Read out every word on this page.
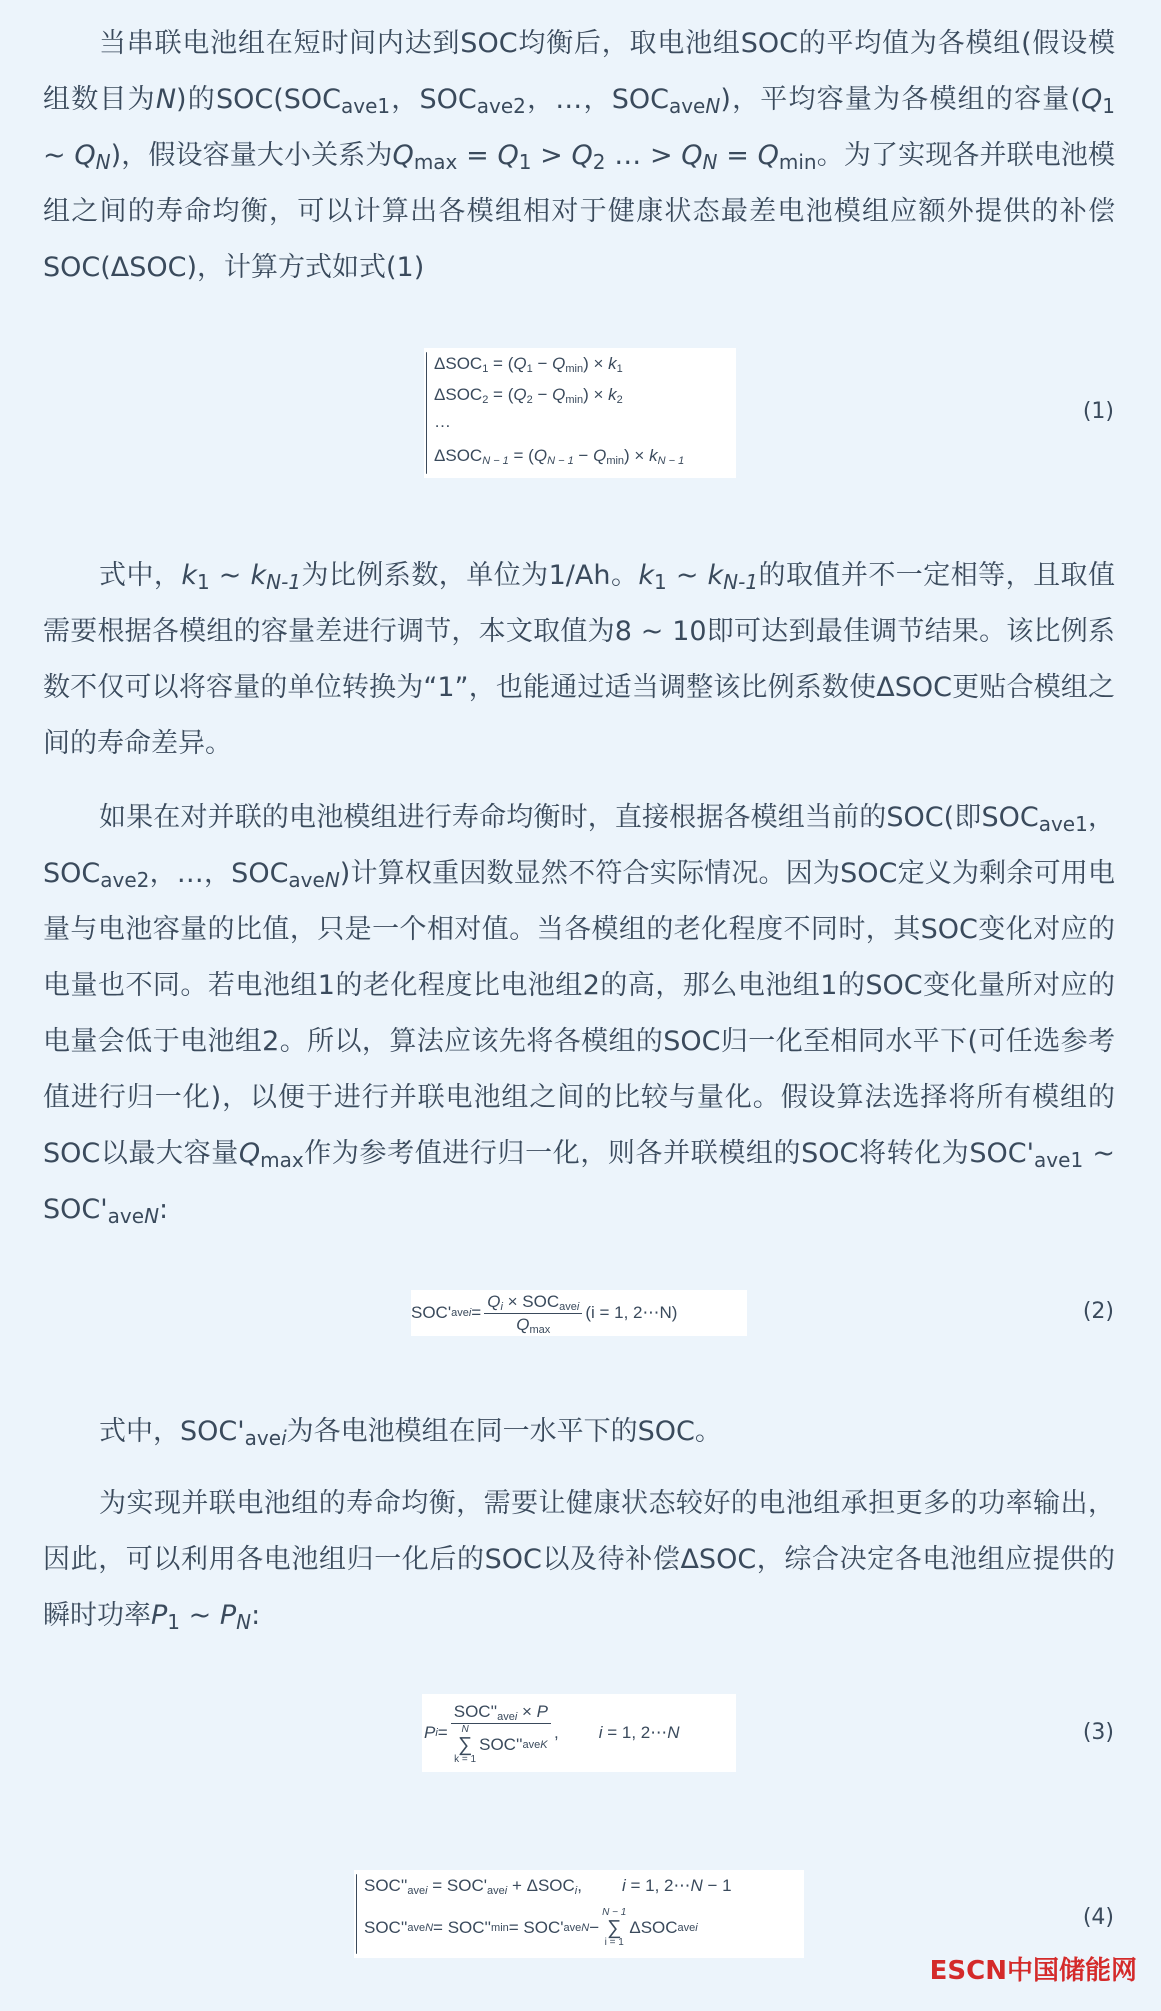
当串联电池组在短时间内达到SOC均衡后，取电池组SOC的平均值为各模组(假设模组数目为N)的$SOC(SOC_{ave1}$，$SOC_{ave2}$，…，$SOC_{aveN}$)，平均容量为各模组的容量($Q_1$ ~ $Q_N$)，假设容量大小关系为$Q_{max} = Q_1 > Q_2$ … > $Q_N = Q_{min}$。为了实现各并联电池模组之间的寿命均衡，可以计算出各模组相对于健康状态最差电池模组应额外提供的补偿SOC(ΔSOC)，计算方式如式(1)

$\Delta SOC_1 = (Q_1 - Q_{min}) \times k_1$
$\Delta SOC_2 = (Q_2 - Q_{min}) \times k_2$
…
$\Delta SOC_{N - 1} = (Q_{N - 1} - Q_{min}) \times k_{N - 1}$
(1)

式中，$k_1$ ~ $k_{N-1}$为比例系数，单位为1/Ah。$k_1$ ~ $k_{N-1}$的取值并不一定相等，且取值需要根据各模组的容量差进行调节，本文取值为8 ~ 10即可达到最佳调节结果。该比例系数不仅可以将容量的单位转换为“1”，也能通过适当调整该比例系数使ΔSOC更贴合模组之间的寿命差异。

如果在对并联的电池模组进行寿命均衡时，直接根据各模组当前的SOC(即$SOC_{ave1}$，$SOC_{ave2}$，…，$SOC_{aveN}$)计算权重因数显然不符合实际情况。因为SOC定义为剩余可用电量与电池容量的比值，只是一个相对值。当各模组的老化程度不同时，其SOC变化对应的电量也不同。若电池组1的老化程度比电池组2的高，那么电池组1的SOC变化量所对应的电量会低于电池组2。所以，算法应该先将各模组的SOC归一化至相同水平下(可任选参考值进行归一化)，以便于进行并联电池组之间的比较与量化。假设算法选择将所有模组的SOC以最大容量$Q_{max}$作为参考值进行归一化，则各并联模组的SOC将转化为$SOC'_{ave1}$ ~ $SOC'_{aveN}$:

SOC' avei = $\frac{Q_i \times SOC_{avei}}{Q_{max}} (i = 1$, 2⋯N)	(2)

式中，$SOC'_{avei}$为各电池模组在同一水平下的SOC。

为实现并联电池组的寿命均衡，需要让健康状态较好的电池组承担更多的功率输出，因此，可以利用各电池组归一化后的SOC以及待补偿ΔSOC，综合决定各电池组应提供的瞬时功率$P_1$ ~ $P_N$:

P $i = SOC''_{avei} \times P$
N
∑
k = 1
SOC'' aveK , i = 1, 2⋯N	(3)
$SOC''_{avei} = SOC'_{avei} + \Delta SOC_i$, i = 1, 2⋯N − 1
SOC'' aveN = SOC'' min = SOC' aveN −
N − 1
∑
i = 1
ΔSOC avei	(4)
ESCN中国储能网
